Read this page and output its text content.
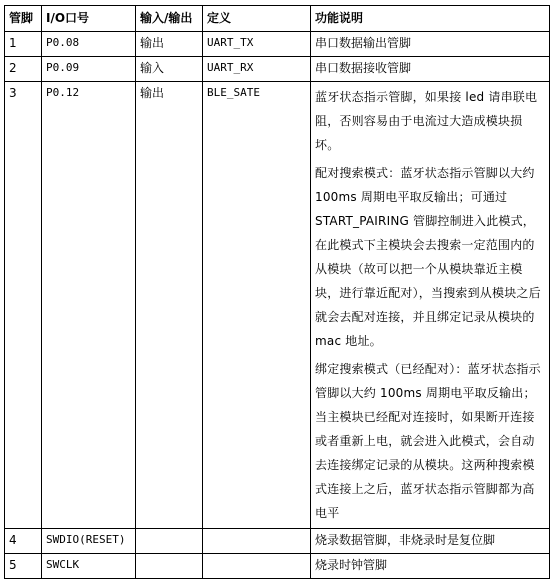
管脚	I/O口号	输入/输出	定义	功能说明
1	P0.08	输出	UART_TX	串口数据输出管脚
2	P0.09	输入	UART_RX	串口数据接收管脚
3	P0.12	输出	BLE_SATE	蓝牙状态指示管脚，如果接 led 请串联电阻，否则容易由于电流过大造成模块损坏。

配对搜索模式：蓝牙状态指示管脚以大约 100ms 周期电平取反输出；可通过 START_PAIRING 管脚控制进入此模式，在此模式下主模块会去搜索一定范围内的从模块（故可以把一个从模块靠近主模块，进行靠近配对），当搜索到从模块之后就会去配对连接，并且绑定记录从模块的 mac 地址。

绑定搜索模式（已经配对）：蓝牙状态指示管脚以大约 100ms 周期电平取反输出；当主模块已经配对连接时，如果断开连接或者重新上电，就会进入此模式，会自动去连接绑定记录的从模块。这两种搜索模式连接上之后，蓝牙状态指示管脚都为高电平

4	SWDIO(RESET)			烧录数据管脚，非烧录时是复位脚
5	SWCLK			烧录时钟管脚
